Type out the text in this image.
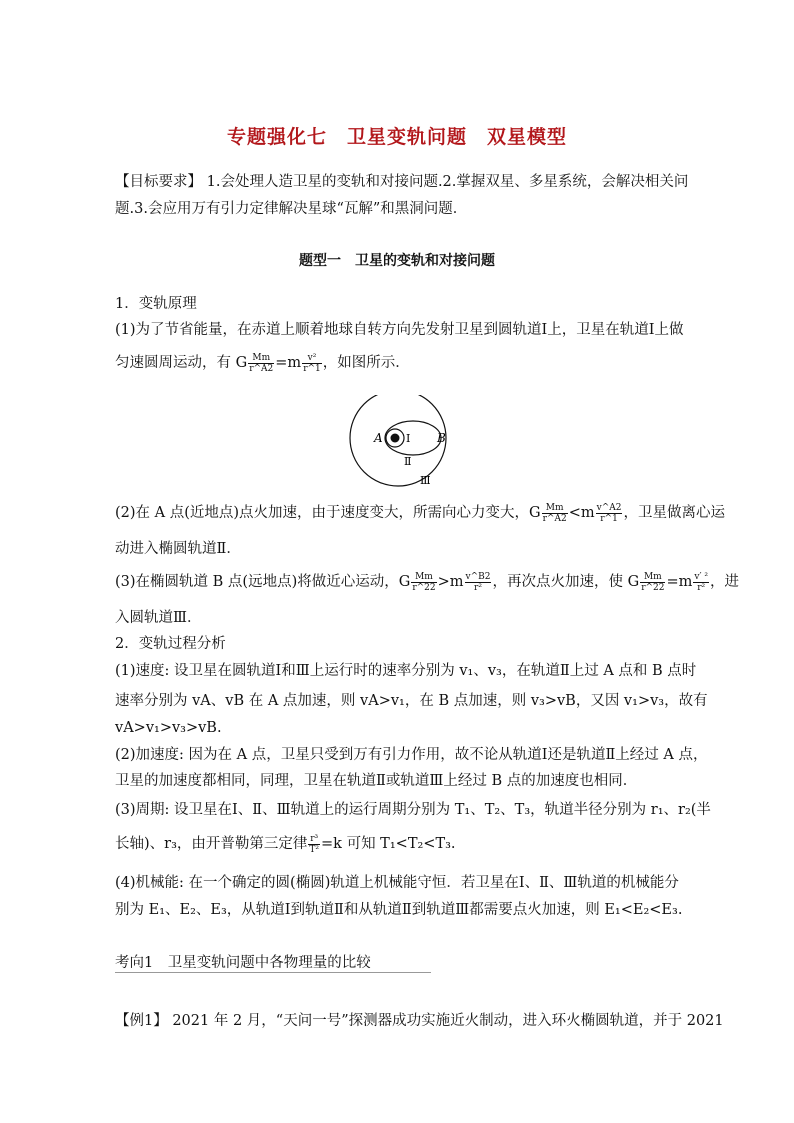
专题强化七　卫星变轨问题　双星模型
【目标要求】 1.会处理人造卫星的变轨和对接问题.2.掌握双星、多星系统，会解决相关问
题.3.会应用万有引力定律解决星球“瓦解”和黑洞问题．
题型一　卫星的变轨和对接问题
1．变轨原理
(1)为了节省能量，在赤道上顺着地球自转方向先发射卫星到圆轨道Ⅰ上，卫星在轨道Ⅰ上做
匀速圆周运动，有 G $\frac{Mm}{r\^{}A2} =m \frac{\text{v²}}{r\^{}1}$ ，如图所示．
A	B
Ⅰ
Ⅱ
Ⅲ
(2)在 A 点(近地点)点火加速，由于速度变大，所需向心力变大，G $\frac{Mm}{r\^{}A2} <m \frac{v\^{}A2}{r\^{}1}$ ，卫星做离心运
动进入椭圆轨道Ⅱ．
(3)在椭圆轨道 B 点(远地点)将做近心运动，G $\frac{Mm}{r\^{}22} >m \frac{v\^{}B2}{\text{r²}}$ ，再次点火加速，使 G $\frac{Mm}{r\^{}22} =m \frac{\text{v′ ²}}{\text{r²}}$ ，进
入圆轨道Ⅲ．
2．变轨过程分析
(1)速度: 设卫星在圆轨道Ⅰ和Ⅲ上运行时的速率分别为 v₁、v₃，在轨道Ⅱ上过 A 点和 B 点时
速率分别为 vA、vB 在 A 点加速，则 vA>v₁，在 B 点加速，则 v₃>vB，又因 v₁>v₃，故有
vA>v₁>v₃>vB.
(2)加速度: 因为在 A 点，卫星只受到万有引力作用，故不论从轨道Ⅰ还是轨道Ⅱ上经过 A 点，
卫星的加速度都相同，同理，卫星在轨道Ⅱ或轨道Ⅲ上经过 B 点的加速度也相同．
(3)周期: 设卫星在Ⅰ、Ⅱ、Ⅲ轨道上的运行周期分别为 T₁、T₂、T₃，轨道半径分别为 r₁、r₂(半
长轴)、r₃，由开普勒第三定律 $\frac{\text{r³}}{\text{T²}} =k$ 可知 T₁<T₂<T₃.
(4)机械能: 在一个确定的圆(椭圆)轨道上机械能守恒．若卫星在Ⅰ、Ⅱ、Ⅲ轨道的机械能分
别为 E₁、E₂、E₃，从轨道Ⅰ到轨道Ⅱ和从轨道Ⅱ到轨道Ⅲ都需要点火加速，则 E₁<E₂<E₃.
考向1　卫星变轨问题中各物理量的比较
【例1】 2021 年 2 月，“天问一号”探测器成功实施近火制动，进入环火椭圆轨道，并于 2021
